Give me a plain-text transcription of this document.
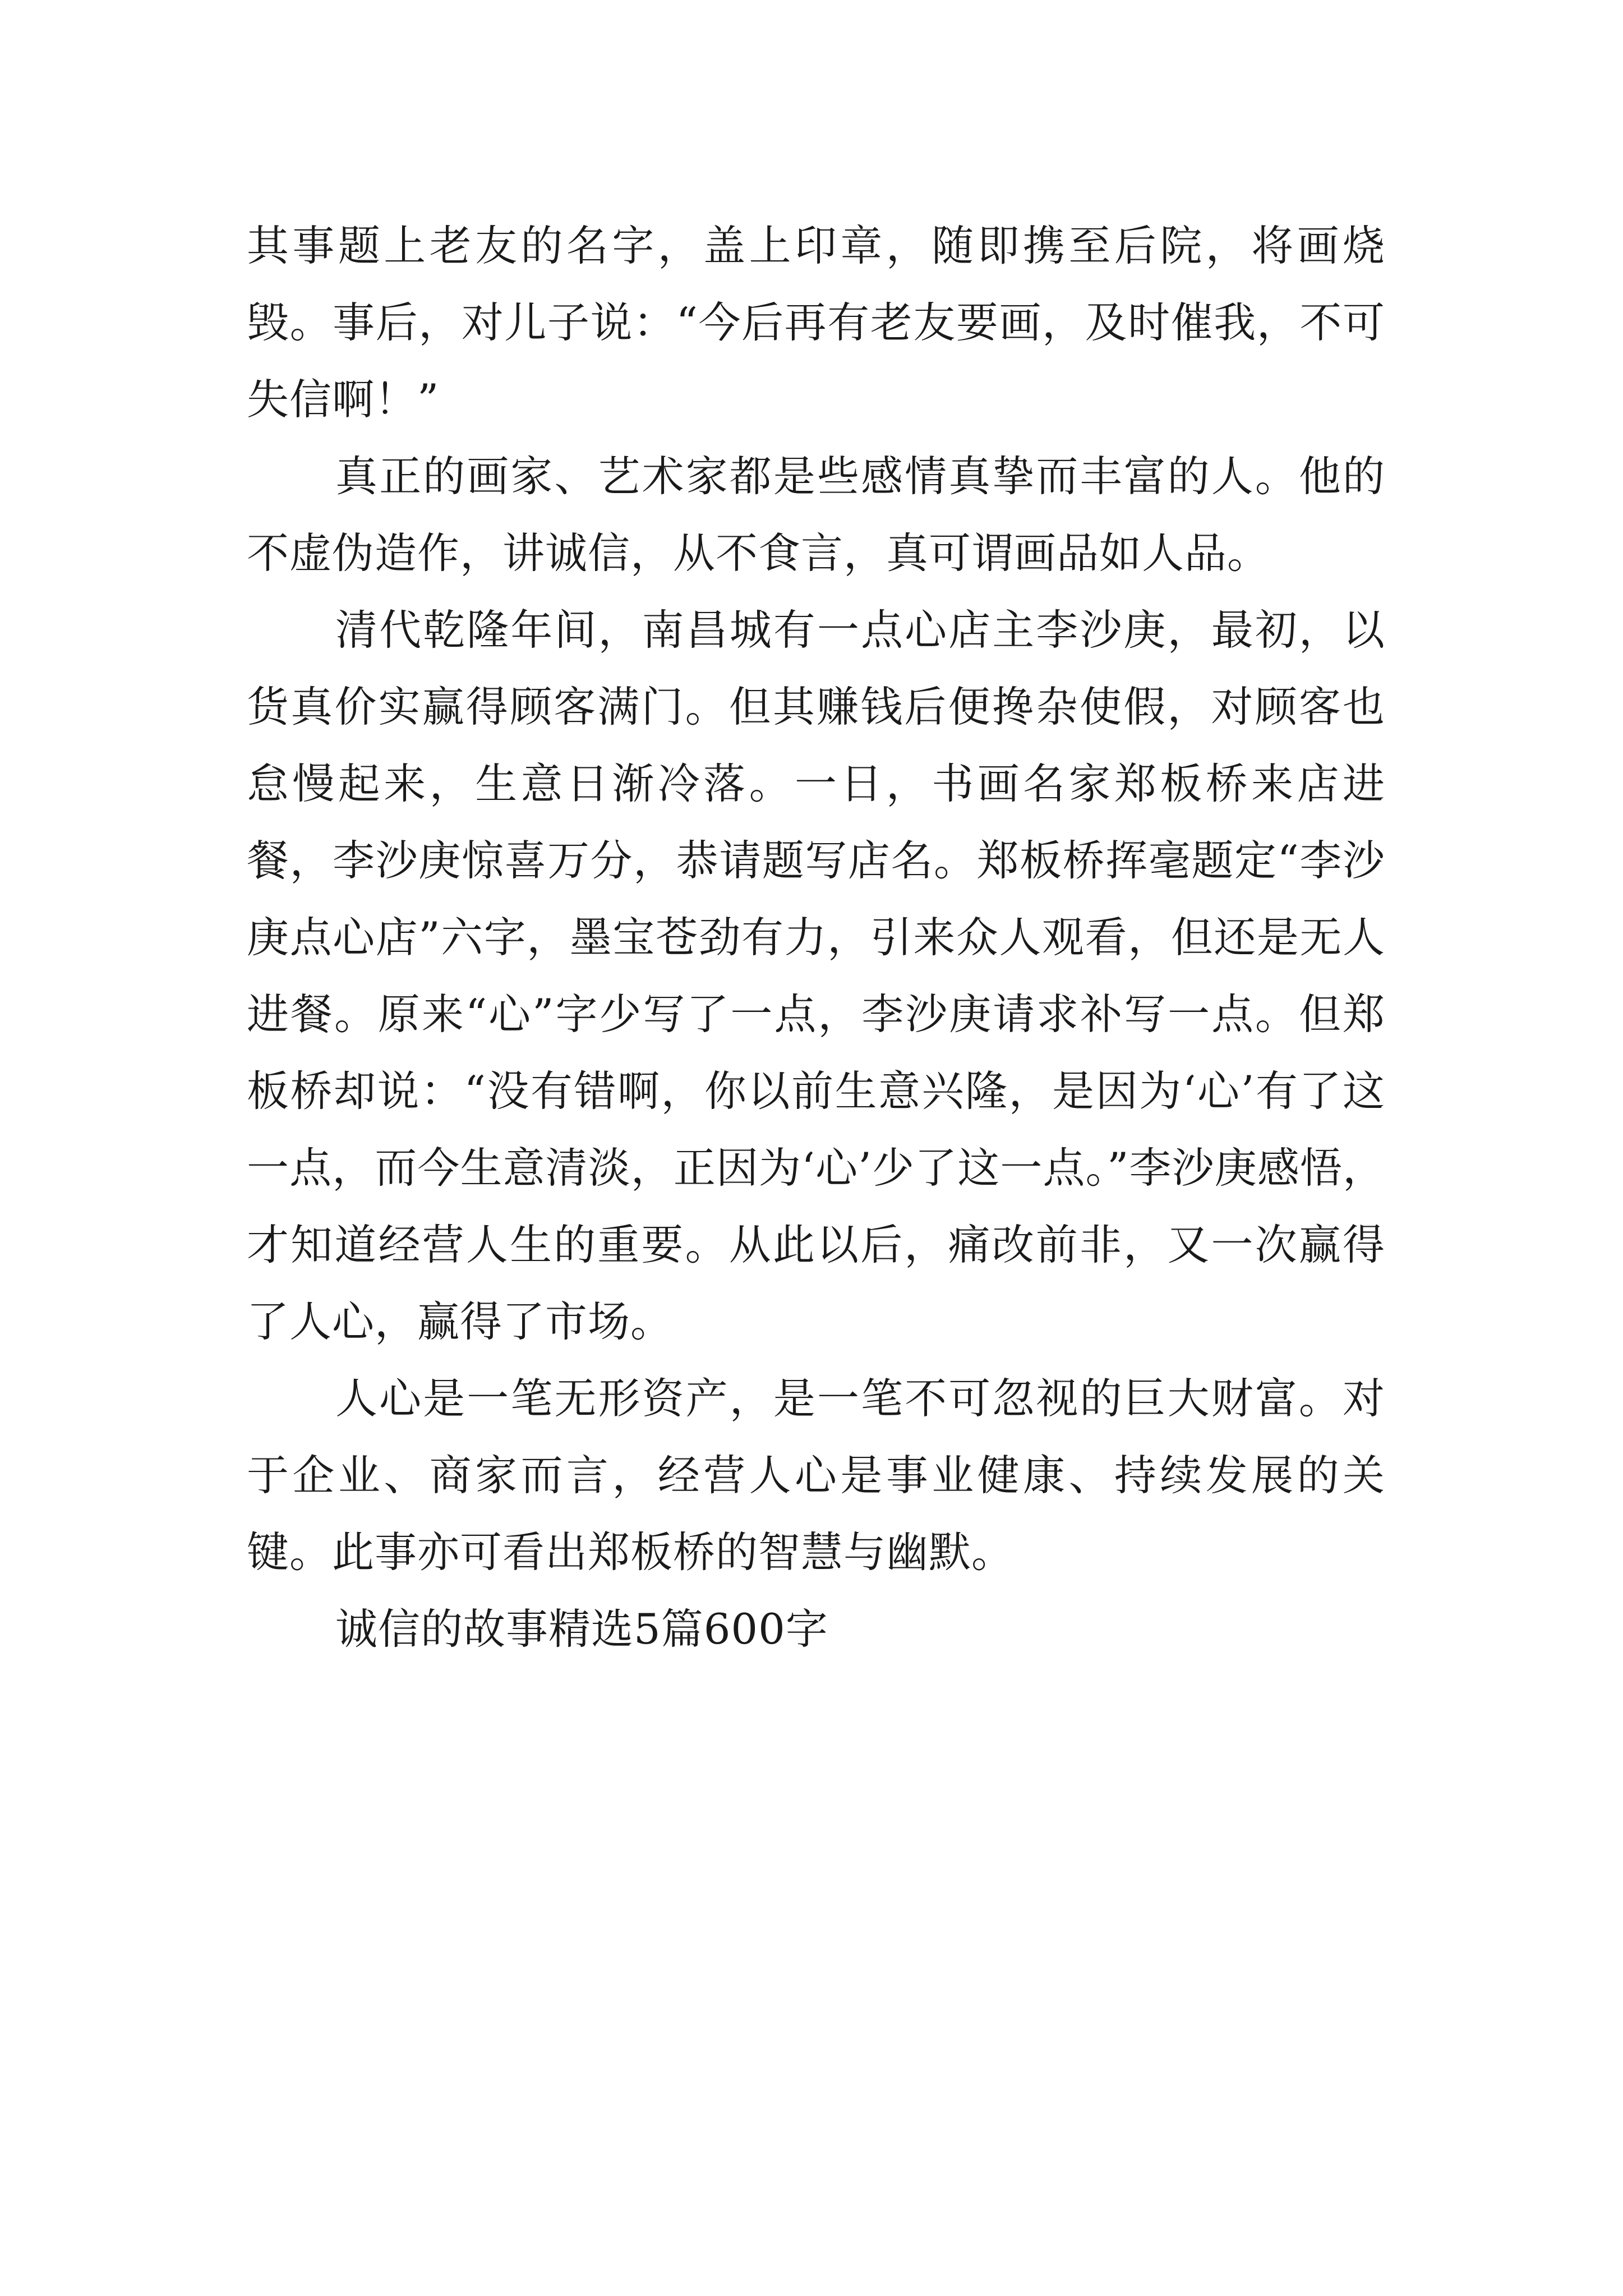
其事题上老友的名字，盖上印章，随即携至后院，将画烧毁。事后，对儿子说：“今后再有老友要画，及时催我，不可失信啊！”

真正的画家、艺术家都是些感情真挚而丰富的人。他的不虚伪造作，讲诚信，从不食言，真可谓画品如人品。

清代乾隆年间，南昌城有一点心店主李沙庚，最初，以货真价实赢得顾客满门。但其赚钱后便搀杂使假，对顾客也怠慢起来，生意日渐冷落。一日，书画名家郑板桥来店进餐，李沙庚惊喜万分，恭请题写店名。郑板桥挥毫题定“李沙庚点心店”六字，墨宝苍劲有力，引来众人观看，但还是无人进餐。原来“心”字少写了一点，李沙庚请求补写一点。但郑板桥却说：“没有错啊，你以前生意兴隆，是因为‘心’有了这一点，而今生意清淡，正因为‘心’少了这一点。”李沙庚感悟，才知道经营人生的重要。从此以后，痛改前非，又一次赢得了人心，赢得了市场。

人心是一笔无形资产，是一笔不可忽视的巨大财富。对于企业、商家而言，经营人心是事业健康、持续发展的关键。此事亦可看出郑板桥的智慧与幽默。

诚信的故事精选5篇600字
